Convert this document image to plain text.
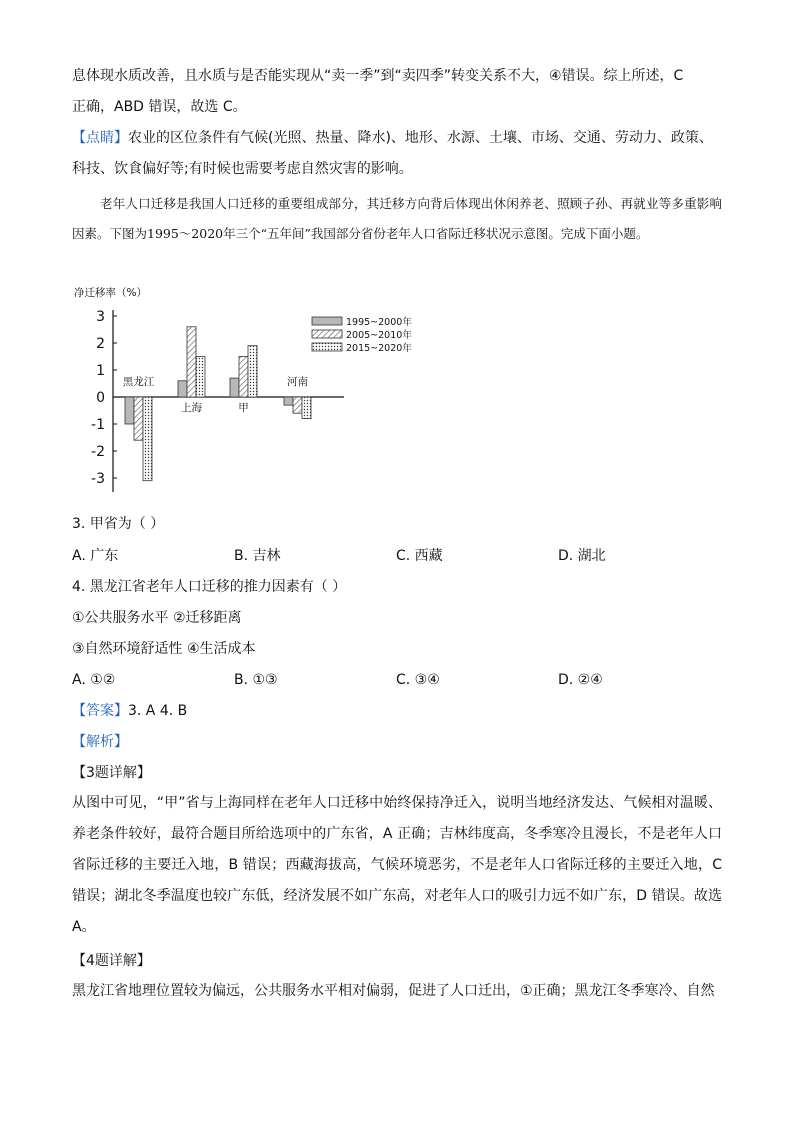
息体现水质改善，且水质与是否能实现从“卖一季”到“卖四季”转变关系不大，④错误。综上所述，C
正确，ABD 错误，故选 C。
【点睛】农业的区位条件有气候(光照、热量、降水)、地形、水源、土壤、市场、交通、劳动力、政策、
科技、饮食偏好等;有时候也需要考虑自然灾害的影响。
老年人口迁移是我国人口迁移的重要组成部分，其迁移方向背后体现出休闲养老、照顾子孙、再就业等多重影响因素。下图为1995～2020年三个“五年间”我国部分省份老年人口省际迁移状况示意图。完成下面小题。
净迁移率（%）
3
2
1
0
-1
-2
-3
黑龙江
上海	甲
河南
1995~2000年
2005~2010年
2015~2020年
3. 甲省为（ ）
A. 广东	B. 吉林	C. 西藏	D. 湖北
4. 黑龙江省老年人口迁移的推力因素有（ ）
①公共服务水平 ②迁移距离
③自然环境舒适性 ④生活成本
A. ①②	B. ①③	C. ③④	D. ②④
【答案】3. A 4. B
【解析】
【3题详解】
从图中可见，“甲”省与上海同样在老年人口迁移中始终保持净迁入，说明当地经济发达、气候相对温暖、养老条件较好，最符合题目所给选项中的广东省，A 正确；吉林纬度高，冬季寒冷且漫长，不是老年人口省际迁移的主要迁入地，B 错误；西藏海拔高，气候环境恶劣，不是老年人口省际迁移的主要迁入地，C 错误；湖北冬季温度也较广东低，经济发展不如广东高，对老年人口的吸引力远不如广东，D 错误。故选 A。
【4题详解】
黑龙江省地理位置较为偏远，公共服务水平相对偏弱，促进了人口迁出，①正确；黑龙江冬季寒冷、自然
